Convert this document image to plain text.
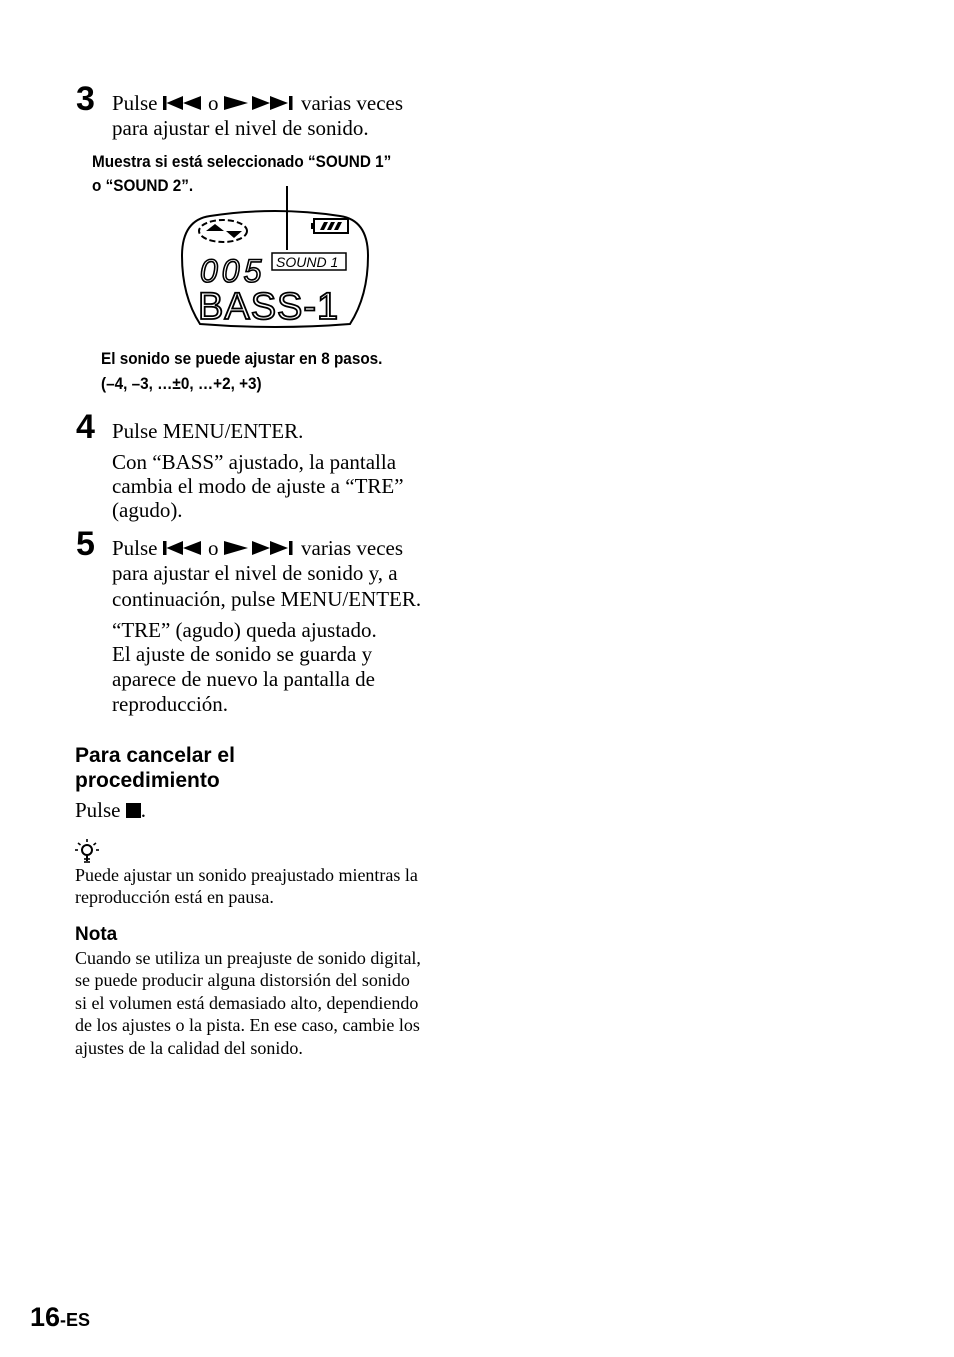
3 Pulse o	varias veces
para ajustar el nivel de sonido.
Muestra si está seleccionado “SOUND 1”
o “SOUND 2”.
005 SOUND 1
BASS-1
El sonido se puede ajustar en 8 pasos.
(–4, –3, …±0, …+2, +3)
4 Pulse MENU/ENTER.
Con “BASS” ajustado, la pantalla
cambia el modo de ajuste a “TRE”
(agudo).
5 Pulse o	varias veces
para ajustar el nivel de sonido y, a
continuación, pulse MENU/ENTER.
“TRE” (agudo) queda ajustado.
El ajuste de sonido se guarda y
aparece de nuevo la pantalla de
reproducción.
Para cancelar el
procedimiento
Pulse .
Puede ajustar un sonido preajustado mientras la
reproducción está en pausa.
Nota
Cuando se utiliza un preajuste de sonido digital,
se puede producir alguna distorsión del sonido
si el volumen está demasiado alto, dependiendo
de los ajustes o la pista. En ese caso, cambie los
ajustes de la calidad del sonido.
16-ES
